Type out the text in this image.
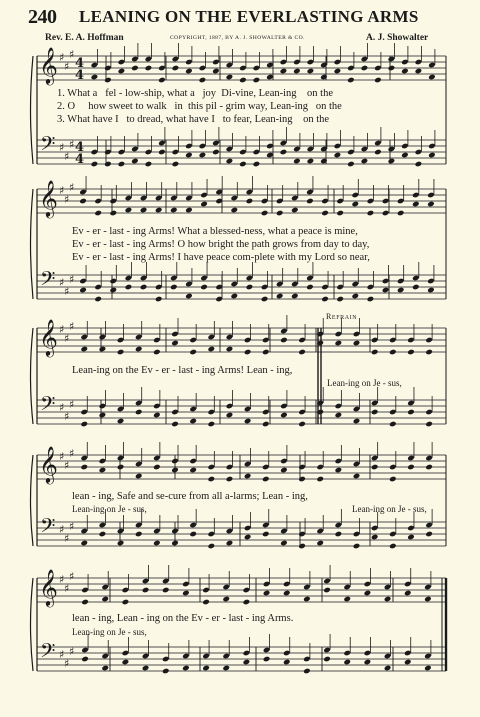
240 LEANING ON THE EVERLASTING ARMS
Rev. E. A. Hoffman	COPYRIGHT, 1887, BY A. J. SHOWALTER & CO.	A. J. Showalter
𝄞
𝄢
♯
♯
♯
♯
♯
♯
4
4
4
4
𝄞
𝄢
♯
♯
♯
♯
♯
♯
𝄞
𝄢
♯
♯
♯
♯
♯
♯
𝄞
𝄢
♯
♯
♯
♯
♯
♯
𝄞
𝄢
♯
♯
♯
♯
♯
♯
1. What a fel - low-ship, what a joy Di-vine, Lean-ing on the
2. O how sweet to walk in this pil - grim way, Lean-ing on the
3. What have I to dread, what have I to fear, Lean-ing on the
Ev - er - last - ing Arms! What a blessed-ness, what a peace is mine,
Ev - er - last - ing Arms! O how bright the path grows from day to day,
Ev - er - last - ing Arms! I have peace com-plete with my Lord so near,
Refrain
Lean-ing on the Ev - er - last - ing Arms! Lean - ing,
Lean-ing on Je - sus,
lean - ing, Safe and se-cure from all a-larms; Lean - ing,
Lean-ing on Je - sus,	Lean-ing on Je - sus,
lean - ing, Lean - ing on the Ev - er - last - ing Arms.
Lean-ing on Je - sus,
